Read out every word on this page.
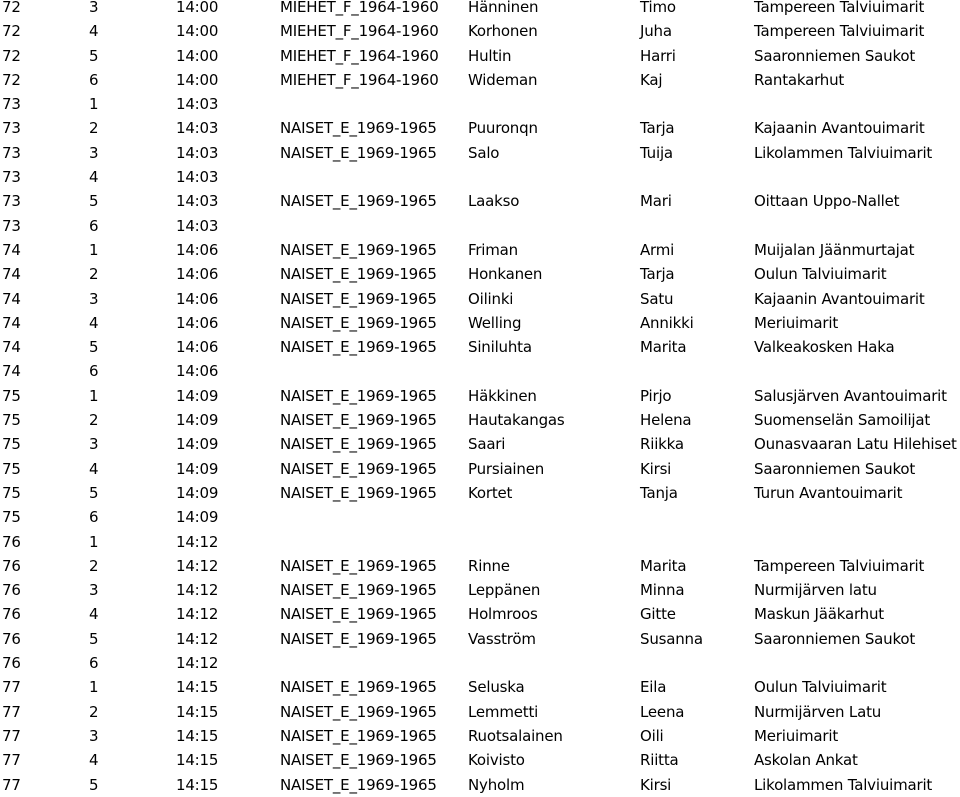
72	3	14:00	MIEHET_F_1964-1960 Hänninen	Timo	Tampereen Talviuimarit
72	4	14:00	MIEHET_F_1964-1960 Korhonen	Juha	Tampereen Talviuimarit
72	5	14:00	MIEHET_F_1964-1960 Hultin	Harri	Saaronniemen Saukot
72	6	14:00	MIEHET_F_1964-1960 Wideman	Kaj	Rantakarhut
73	1	14:03
73	2	14:03	NAISET_E_1969-1965 Puuronqn	Tarja	Kajaanin Avantouimarit
73	3	14:03	NAISET_E_1969-1965 Salo	Tuija	Likolammen Talviuimarit
73	4	14:03
73	5	14:03	NAISET_E_1969-1965 Laakso	Mari	Oittaan Uppo-Nallet
73	6	14:03
74	1	14:06	NAISET_E_1969-1965 Friman	Armi	Muijalan Jäänmurtajat
74	2	14:06	NAISET_E_1969-1965 Honkanen	Tarja	Oulun Talviuimarit
74	3	14:06	NAISET_E_1969-1965 Oilinki	Satu	Kajaanin Avantouimarit
74	4	14:06	NAISET_E_1969-1965 Welling	Annikki	Meriuimarit
74	5	14:06	NAISET_E_1969-1965 Siniluhta	Marita	Valkeakosken Haka
74	6	14:06
75	1	14:09	NAISET_E_1969-1965 Häkkinen	Pirjo	Salusjärven Avantouimarit
75	2	14:09	NAISET_E_1969-1965 Hautakangas	Helena	Suomenselän Samoilijat
75	3	14:09	NAISET_E_1969-1965 Saari	Riikka	Ounasvaaran Latu Hilehiset
75	4	14:09	NAISET_E_1969-1965 Pursiainen	Kirsi	Saaronniemen Saukot
75	5	14:09	NAISET_E_1969-1965 Kortet	Tanja	Turun Avantouimarit
75	6	14:09
76	1	14:12
76	2	14:12	NAISET_E_1969-1965 Rinne	Marita	Tampereen Talviuimarit
76	3	14:12	NAISET_E_1969-1965 Leppänen	Minna	Nurmijärven latu
76	4	14:12	NAISET_E_1969-1965 Holmroos	Gitte	Maskun Jääkarhut
76	5	14:12	NAISET_E_1969-1965 Vasström	Susanna	Saaronniemen Saukot
76	6	14:12
77	1	14:15	NAISET_E_1969-1965 Seluska	Eila	Oulun Talviuimarit
77	2	14:15	NAISET_E_1969-1965 Lemmetti	Leena	Nurmijärven Latu
77	3	14:15	NAISET_E_1969-1965 Ruotsalainen	Oili	Meriuimarit
77	4	14:15	NAISET_E_1969-1965 Koivisto	Riitta	Askolan Ankat
77	5	14:15	NAISET_E_1969-1965 Nyholm	Kirsi	Likolammen Talviuimarit
